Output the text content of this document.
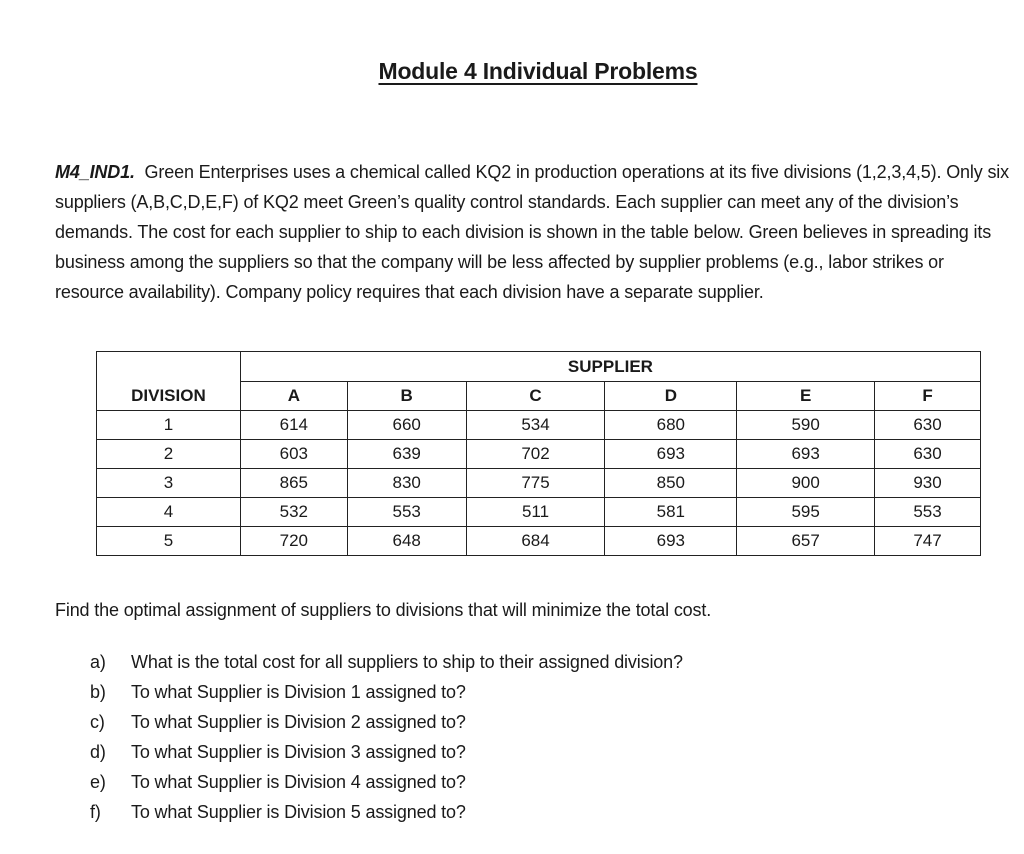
Module 4 Individual Problems
M4_IND1. Green Enterprises uses a chemical called KQ2 in production operations at its five divisions (1,2,3,4,5). Only six suppliers (A,B,C,D,E,F) of KQ2 meet Green’s quality control standards. Each supplier can meet any of the division’s demands. The cost for each supplier to ship to each division is shown in the table below. Green believes in spreading its business among the suppliers so that the company will be less affected by supplier problems (e.g., labor strikes or resource availability). Company policy requires that each division have a separate supplier.
	SUPPLIER					
DIVISION	A	B	C	D	E	F
1	614	660	534	680	590	630
2	603	639	702	693	693	630
3	865	830	775	850	900	930
4	532	553	511	581	595	553
5	720	648	684	693	657	747
Find the optimal assignment of suppliers to divisions that will minimize the total cost.
a)	What is the total cost for all suppliers to ship to their assigned division?
b)	To what Supplier is Division 1 assigned to?
c)	To what Supplier is Division 2 assigned to?
d)	To what Supplier is Division 3 assigned to?
e)	To what Supplier is Division 4 assigned to?
f)	To what Supplier is Division 5 assigned to?
